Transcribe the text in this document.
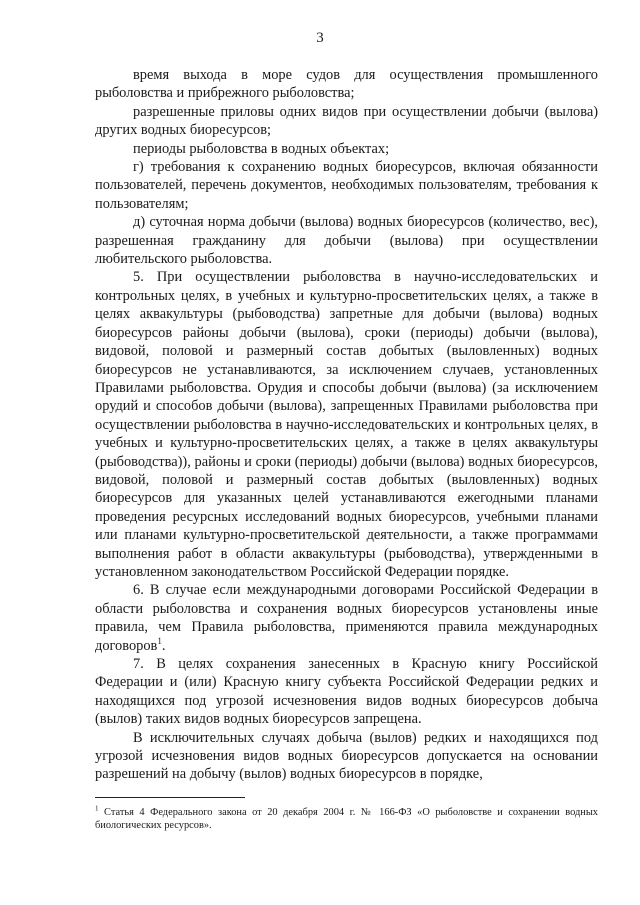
3

время выхода в море судов для осуществления промышленного рыболовства и прибрежного рыболовства;

разрешенные приловы одних видов при осуществлении добычи (вылова) других водных биоресурсов;

периоды рыболовства в водных объектах;

г) требования к сохранению водных биоресурсов, включая обязанности пользователей, перечень документов, необходимых пользователям, требования к пользователям;

д) суточная норма добычи (вылова) водных биоресурсов (количество, вес), разрешенная гражданину для добычи (вылова) при осуществлении любительского рыболовства.

5. При осуществлении рыболовства в научно-исследовательских и контрольных целях, в учебных и культурно-просветительских целях, а также в целях аквакультуры (рыбоводства) запретные для добычи (вылова) водных биоресурсов районы добычи (вылова), сроки (периоды) добычи (вылова), видовой, половой и размерный состав добытых (выловленных) водных биоресурсов не устанавливаются, за исключением случаев, установленных Правилами рыболовства. Орудия и способы добычи (вылова) (за исключением орудий и способов добычи (вылова), запрещенных Правилами рыболовства при осуществлении рыболовства в научно-исследовательских и контрольных целях, в учебных и культурно-просветительских целях, а также в целях аквакультуры (рыбоводства)), районы и сроки (периоды) добычи (вылова) водных биоресурсов, видовой, половой и размерный состав добытых (выловленных) водных биоресурсов для указанных целей устанавливаются ежегодными планами проведения ресурсных исследований водных биоресурсов, учебными планами или планами культурно-просветительской деятельности, а также программами выполнения работ в области аквакультуры (рыбоводства), утвержденными в установленном законодательством Российской Федерации порядке.

6. В случае если международными договорами Российской Федерации в области рыболовства и сохранения водных биоресурсов установлены иные правила, чем Правила рыболовства, применяются правила международных договоров$^1$.

7. В целях сохранения занесенных в Красную книгу Российской Федерации и (или) Красную книгу субъекта Российской Федерации редких и находящихся под угрозой исчезновения видов водных биоресурсов добыча (вылов) таких видов водных биоресурсов запрещена.

В исключительных случаях добыча (вылов) редких и находящихся под угрозой исчезновения видов водных биоресурсов допускается на основании разрешений на добычу (вылов) водных биоресурсов в порядке,

$^1$ Статья 4 Федерального закона от 20 декабря 2004 г. № 166-ФЗ «О рыболовстве и сохранении водных биологических ресурсов».
